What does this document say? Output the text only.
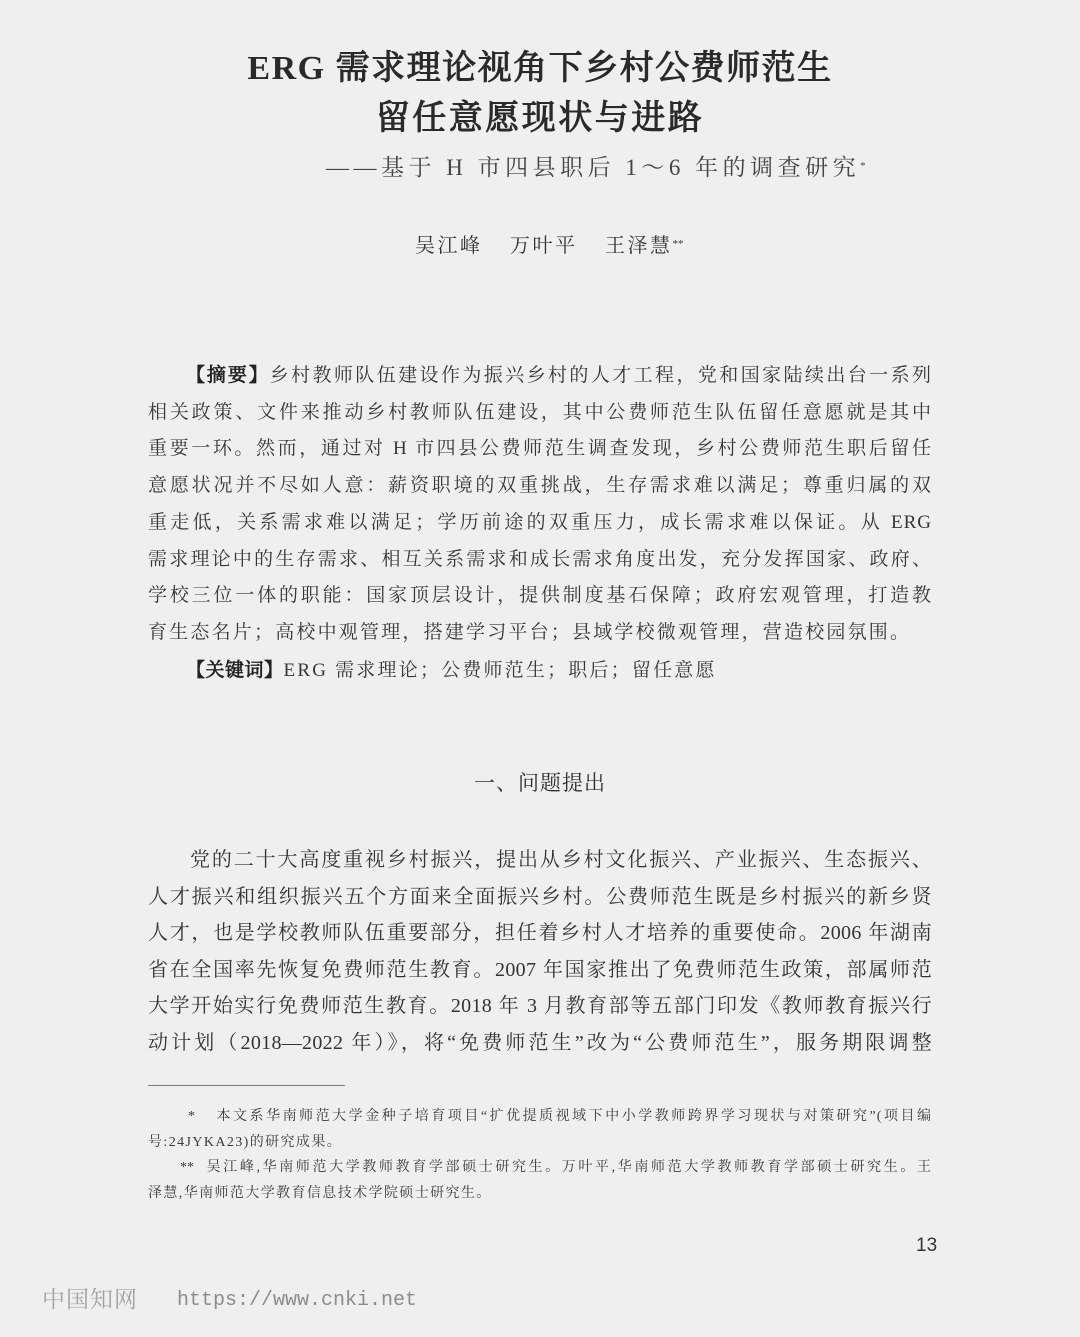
ERG 需求理论视角下乡村公费师范生
留任意愿现状与进路
——基于 H 市四县职后 1～6 年的调查研究*
吴江峰 万叶平 王泽慧**
【摘要】乡村教师队伍建设作为振兴乡村的人才工程，党和国家陆续出台一系列
相关政策、文件来推动乡村教师队伍建设，其中公费师范生队伍留任意愿就是其中
重要一环。然而，通过对 H 市四县公费师范生调查发现，乡村公费师范生职后留任
意愿状况并不尽如人意：薪资职境的双重挑战，生存需求难以满足；尊重归属的双
重走低，关系需求难以满足；学历前途的双重压力，成长需求难以保证。从 ERG
需求理论中的生存需求、相互关系需求和成长需求角度出发，充分发挥国家、政府、
学校三位一体的职能：国家顶层设计，提供制度基石保障；政府宏观管理，打造教
育生态名片；高校中观管理，搭建学习平台；县域学校微观管理，营造校园氛围。
【关键词】ERG 需求理论；公费师范生；职后；留任意愿
一、问题提出
党的二十大高度重视乡村振兴，提出从乡村文化振兴、产业振兴、生态振兴、
人才振兴和组织振兴五个方面来全面振兴乡村。公费师范生既是乡村振兴的新乡贤
人才，也是学校教师队伍重要部分，担任着乡村人才培养的重要使命。2006 年湖南
省在全国率先恢复免费师范生教育。2007 年国家推出了免费师范生政策，部属师范
大学开始实行免费师范生教育。2018 年 3 月教育部等五部门印发《教师教育振兴行
动计划（2018—2022 年）》，将“免费师范生”改为“公费师范生”，服务期限调整
* 本文系华南师范大学金种子培育项目“扩优提质视域下中小学教师跨界学习现状与对策研究”(项目编
号:24JYKA23)的研究成果。
** 吴江峰,华南师范大学教师教育学部硕士研究生。万叶平,华南师范大学教师教育学部硕士研究生。王
泽慧,华南师范大学教育信息技术学院硕士研究生。
13
中国知网 https://www.cnki.net
